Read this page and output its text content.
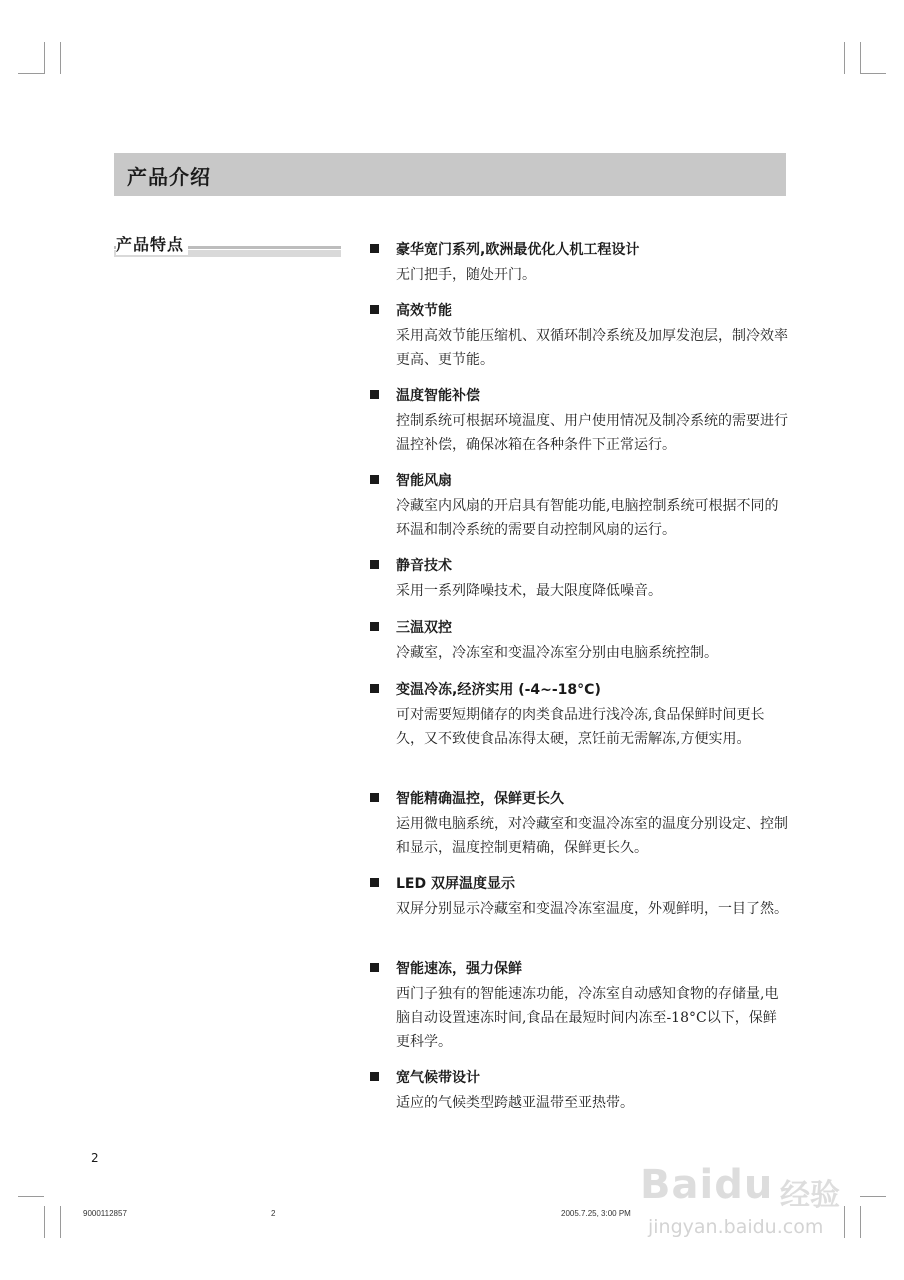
产品介绍
产品特点	豪华宽门系列,欧洲最优化人机工程设计
无门把手，随处开门。
高效节能
采用高效节能压缩机、双循环制冷系统及加厚发泡层，制冷效率更高、更节能。
温度智能补偿
控制系统可根据环境温度、用户使用情况及制冷系统的需要进行温控补偿，确保冰箱在各种条件下正常运行。
智能风扇
冷藏室内风扇的开启具有智能功能,电脑控制系统可根据不同的环温和制冷系统的需要自动控制风扇的运行。
静音技术
采用一系列降噪技术，最大限度降低噪音。
三温双控
冷藏室，冷冻室和变温冷冻室分别由电脑系统控制。
变温冷冻,经济实用 (-4~-18°C)
可对需要短期储存的肉类食品进行浅冷冻,食品保鲜时间更长久，又不致使食品冻得太硬，烹饪前无需解冻,方便实用。
智能精确温控，保鲜更长久
运用微电脑系统，对冷藏室和变温冷冻室的温度分别设定、控制和显示，温度控制更精确，保鲜更长久。
LED 双屏温度显示
双屏分别显示冷藏室和变温冷冻室温度，外观鲜明，一目了然。
智能速冻，强力保鲜
西门子独有的智能速冻功能，冷冻室自动感知食物的存储量,电脑自动设置速冻时间,食品在最短时间内冻至-18°C以下，保鲜更科学。
宽气候带设计
适应的气候类型跨越亚温带至亚热带。
2
9000112857	2	2005.7.25, 3:00 PM
Baidu 经验
jingyan.baidu.com
